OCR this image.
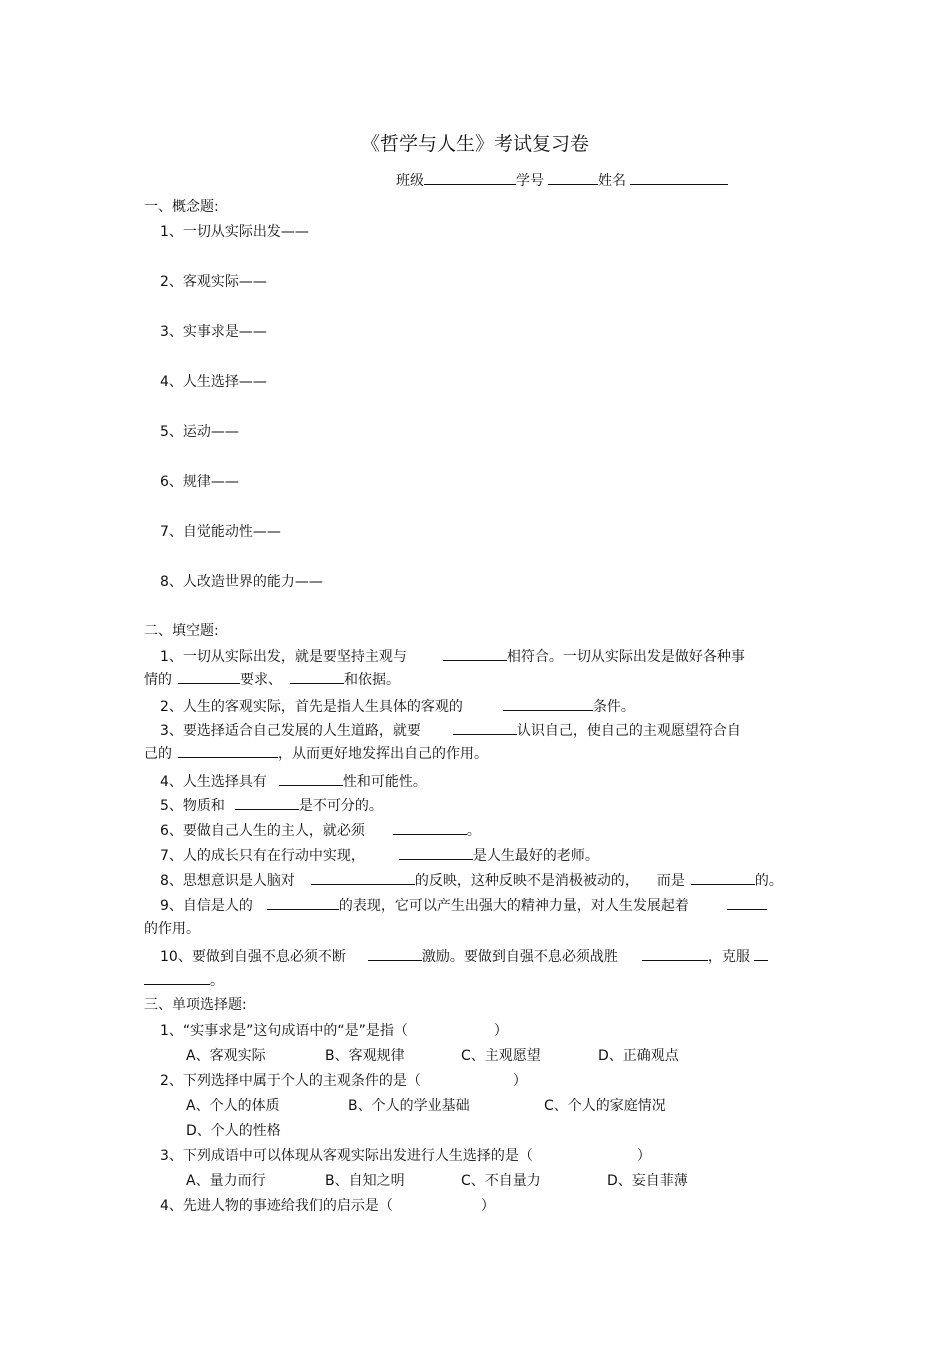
《哲学与人生》考试复习卷
班级	学号	姓名
一、概念题:
1、一切从实际出发——
2、客观实际——
3、实事求是——
4、人生选择——
5、运动——
6、规律——
7、自觉能动性——
8、人改造世界的能力——
二、填空题:
1、一切从实际出发，就是要坚持主观与	相符合。一切从实际出发是做好各种事
情的	要求、	和依据。
2、人生的客观实际，首先是指人生具体的客观的	条件。
3、要选择适合自己发展的人生道路，就要	认识自己，使自己的主观愿望符合自
己的	，从而更好地发挥出自己的作用。
4、人生选择具有	性和可能性。
5、物质和	是不可分的。
6、要做自己人生的主人，就必须	。
7、人的成长只有在行动中实现，	是人生最好的老师。
8、思想意识是人脑对	的反映，这种反映不是消极被动的， 而是	的。
9、自信是人的	的表现，它可以产生出强大的精神力量，对人生发展起着
的作用。
10、要做到自强不息必须不断	激励。要做到自强不息必须战胜	，克服
。
三、单项选择题:
1、“实事求是”这句成语中的“是”是指（	）
A、客观实际	B、客观规律	C、主观愿望	D、正确观点
2、下列选择中属于个人的主观条件的是（	）
A、个人的体质	B、个人的学业基础	C、个人的家庭情况
D、个人的性格
3、下列成语中可以体现从客观实际出发进行人生选择的是（	）
A、量力而行	B、自知之明	C、不自量力	D、妄自菲薄
4、先进人物的事迹给我们的启示是（	）
